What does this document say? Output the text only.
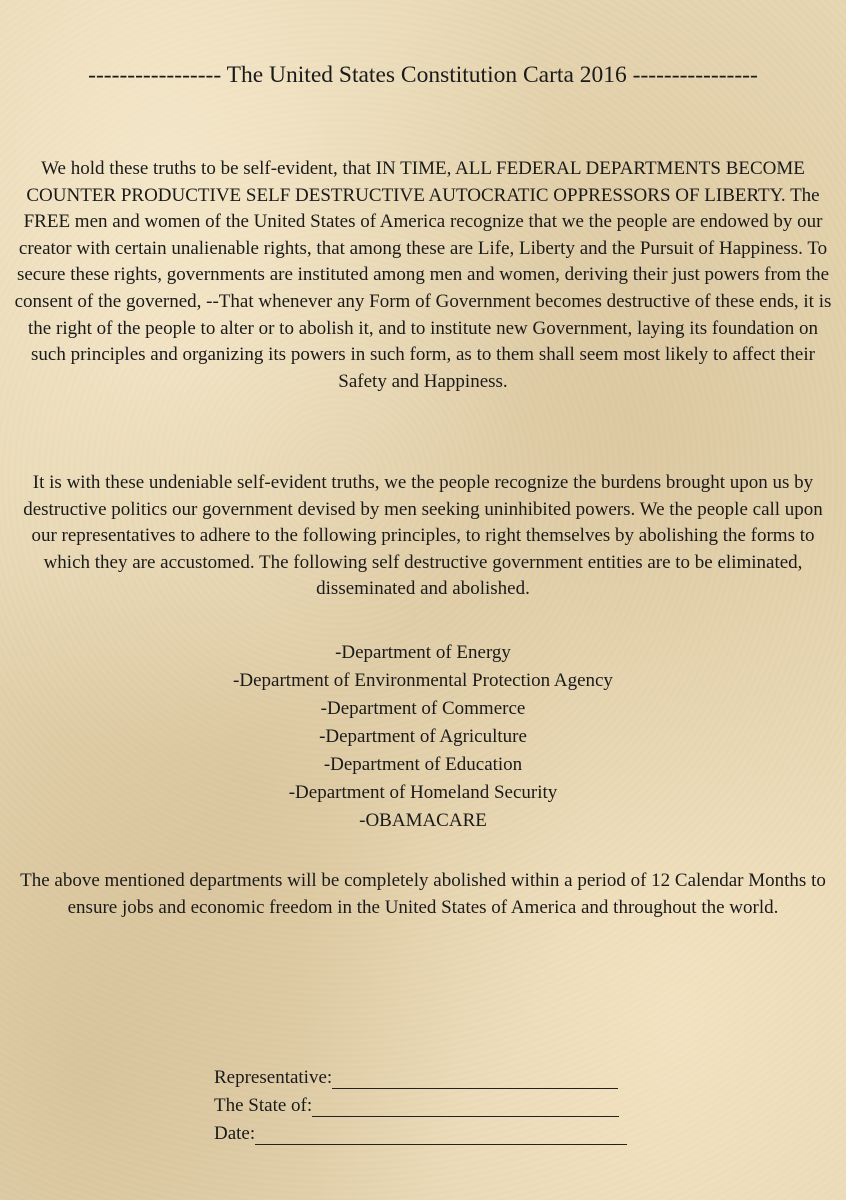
----------------- The United States Constitution Carta 2016 ----------------
We hold these truths to be self-evident, that IN TIME, ALL FEDERAL DEPARTMENTS BECOME COUNTER PRODUCTIVE SELF DESTRUCTIVE AUTOCRATIC OPPRESSORS OF LIBERTY. The FREE men and women of the United States of America recognize that we the people are endowed by our creator with certain unalienable rights, that among these are Life, Liberty and the Pursuit of Happiness. To secure these rights, governments are instituted among men and women, deriving their just powers from the consent of the governed, --That whenever any Form of Government becomes destructive of these ends, it is the right of the people to alter or to abolish it, and to institute new Government, laying its foundation on such principles and organizing its powers in such form, as to them shall seem most likely to affect their Safety and Happiness.
It is with these undeniable self-evident truths, we the people recognize the burdens brought upon us by destructive politics our government devised by men seeking uninhibited powers. We the people call upon our representatives to adhere to the following principles, to right themselves by abolishing the forms to which they are accustomed. The following self destructive government entities are to be eliminated, disseminated and abolished.
-Department of Energy
-Department of Environmental Protection Agency
-Department of Commerce
-Department of Agriculture
-Department of Education
-Department of Homeland Security
-OBAMACARE
The above mentioned departments will be completely abolished within a period of 12 Calendar Months to ensure jobs and economic freedom in the United States of America and throughout the world.
Representative:
The State of:
Date:
